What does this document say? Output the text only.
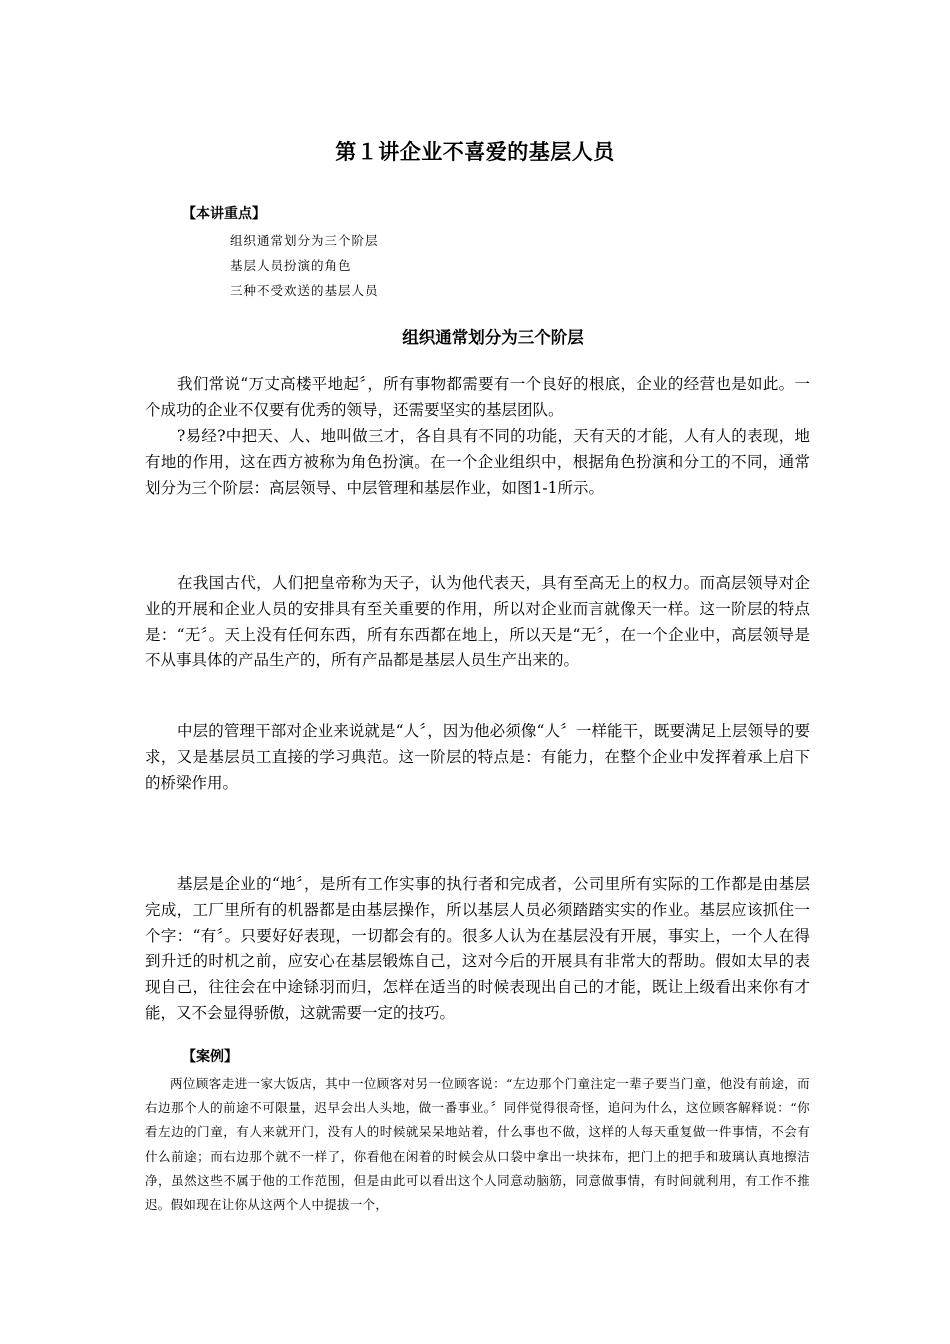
第１讲企业不喜爱的基层人员
【本讲重点】
组织通常划分为三个阶层
基层人员扮演的角色
三种不受欢送的基层人员
组织通常划分为三个阶层

我们常说“万丈高楼平地起〞，所有事物都需要有一个良好的根底，企业的经营也是如此。一个成功的企业不仅要有优秀的领导，还需要坚实的基层团队。

?易经?中把天、人、地叫做三才，各自具有不同的功能，天有天的才能，人有人的表现，地有地的作用，这在西方被称为角色扮演。在一个企业组织中，根据角色扮演和分工的不同，通常划分为三个阶层：高层领导、中层管理和基层作业，如图1-1所示。

在我国古代，人们把皇帝称为天子，认为他代表天，具有至高无上的权力。而高层领导对企业的开展和企业人员的安排具有至关重要的作用，所以对企业而言就像天一样。这一阶层的特点是：“无〞。天上没有任何东西，所有东西都在地上，所以天是“无〞，在一个企业中，高层领导是不从事具体的产品生产的，所有产品都是基层人员生产出来的。

中层的管理干部对企业来说就是“人〞，因为他必须像“人〞一样能干，既要满足上层领导的要求，又是基层员工直接的学习典范。这一阶层的特点是：有能力，在整个企业中发挥着承上启下的桥梁作用。

基层是企业的“地〞，是所有工作实事的执行者和完成者，公司里所有实际的工作都是由基层完成，工厂里所有的机器都是由基层操作，所以基层人员必须踏踏实实的作业。基层应该抓住一个字：“有〞。只要好好表现，一切都会有的。很多人认为在基层没有开展，事实上，一个人在得到升迁的时机之前，应安心在基层锻炼自己，这对今后的开展具有非常大的帮助。假如太早的表现自己，往往会在中途铩羽而归，怎样在适当的时候表现出自己的才能，既让上级看出来你有才能，又不会显得骄傲，这就需要一定的技巧。

【案例】

两位顾客走进一家大饭店，其中一位顾客对另一位顾客说：“左边那个门童注定一辈子要当门童，他没有前途，而右边那个人的前途不可限量，迟早会出人头地，做一番事业。〞同伴觉得很奇怪，追问为什么，这位顾客解释说：“你看左边的门童，有人来就开门，没有人的时候就呆呆地站着，什么事也不做，这样的人每天重复做一件事情，不会有什么前途；而右边那个就不一样了，你看他在闲着的时候会从口袋中拿出一块抹布，把门上的把手和玻璃认真地擦洁净，虽然这些不属于他的工作范围，但是由此可以看出这个人同意动脑筋，同意做事情，有时间就利用，有工作不推迟。假如现在让你从这两个人中提拔一个，
